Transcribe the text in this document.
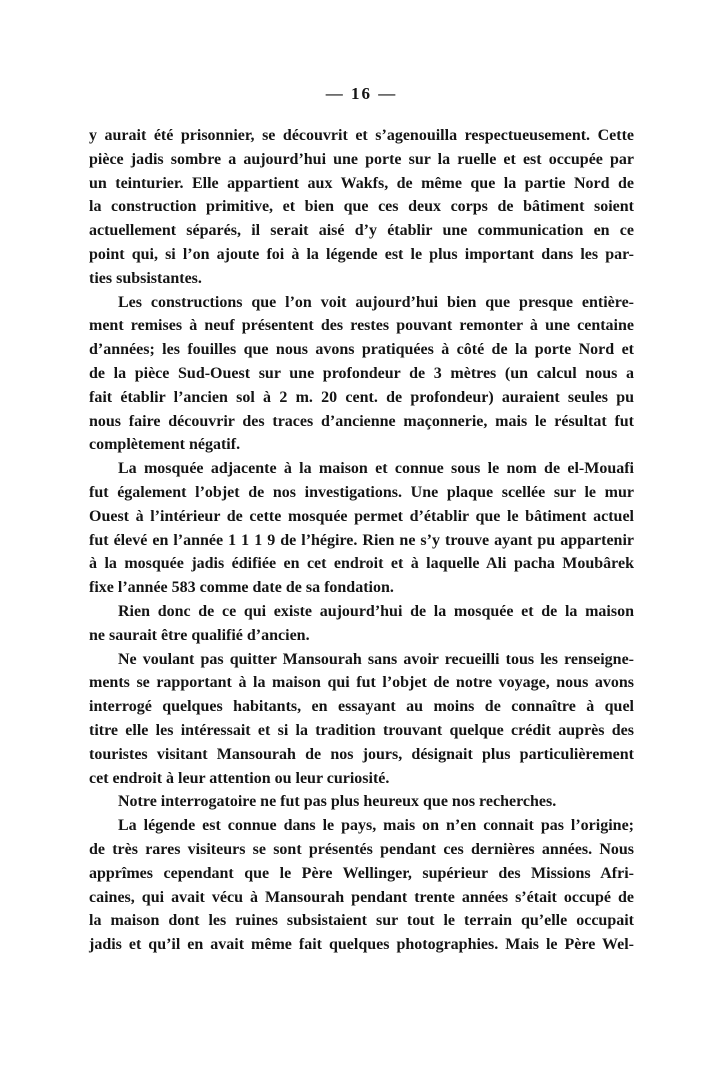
— 16 —
y aurait été prisonnier, se découvrit et s’agenouilla respectueusement. Cette
pièce jadis sombre a aujourd’hui une porte sur la ruelle et est occupée par
un teinturier. Elle appartient aux Wakfs, de même que la partie Nord de
la construction primitive, et bien que ces deux corps de bâtiment soient
actuellement séparés, il serait aisé d’y établir une communication en ce
point qui, si l’on ajoute foi à la légende est le plus important dans les par-
ties subsistantes.
Les constructions que l’on voit aujourd’hui bien que presque entière-
ment remises à neuf présentent des restes pouvant remonter à une centaine
d’années; les fouilles que nous avons pratiquées à côté de la porte Nord et
de la pièce Sud-Ouest sur une profondeur de 3 mètres (un calcul nous a
fait établir l’ancien sol à 2 m. 20 cent. de profondeur) auraient seules pu
nous faire découvrir des traces d’ancienne maçonnerie, mais le résultat fut
complètement négatif.
La mosquée adjacente à la maison et connue sous le nom de el-Mouafi
fut également l’objet de nos investigations. Une plaque scellée sur le mur
Ouest à l’intérieur de cette mosquée permet d’établir que le bâtiment actuel
fut élevé en l’année 1 1 1 9 de l’hégire. Rien ne s’y trouve ayant pu appartenir
à la mosquée jadis édifiée en cet endroit et à laquelle Ali pacha Moubârek
fixe l’année 583 comme date de sa fondation.
Rien donc de ce qui existe aujourd’hui de la mosquée et de la maison
ne saurait être qualifié d’ancien.
Ne voulant pas quitter Mansourah sans avoir recueilli tous les renseigne-
ments se rapportant à la maison qui fut l’objet de notre voyage, nous avons
interrogé quelques habitants, en essayant au moins de connaître à quel
titre elle les intéressait et si la tradition trouvant quelque crédit auprès des
touristes visitant Mansourah de nos jours, désignait plus particulièrement
cet endroit à leur attention ou leur curiosité.
Notre interrogatoire ne fut pas plus heureux que nos recherches.
La légende est connue dans le pays, mais on n’en connait pas l’origine;
de très rares visiteurs se sont présentés pendant ces dernières années. Nous
apprîmes cependant que le Père Wellinger, supérieur des Missions Afri-
caines, qui avait vécu à Mansourah pendant trente années s’était occupé de
la maison dont les ruines subsistaient sur tout le terrain qu’elle occupait
jadis et qu’il en avait même fait quelques photographies. Mais le Père Wel-
